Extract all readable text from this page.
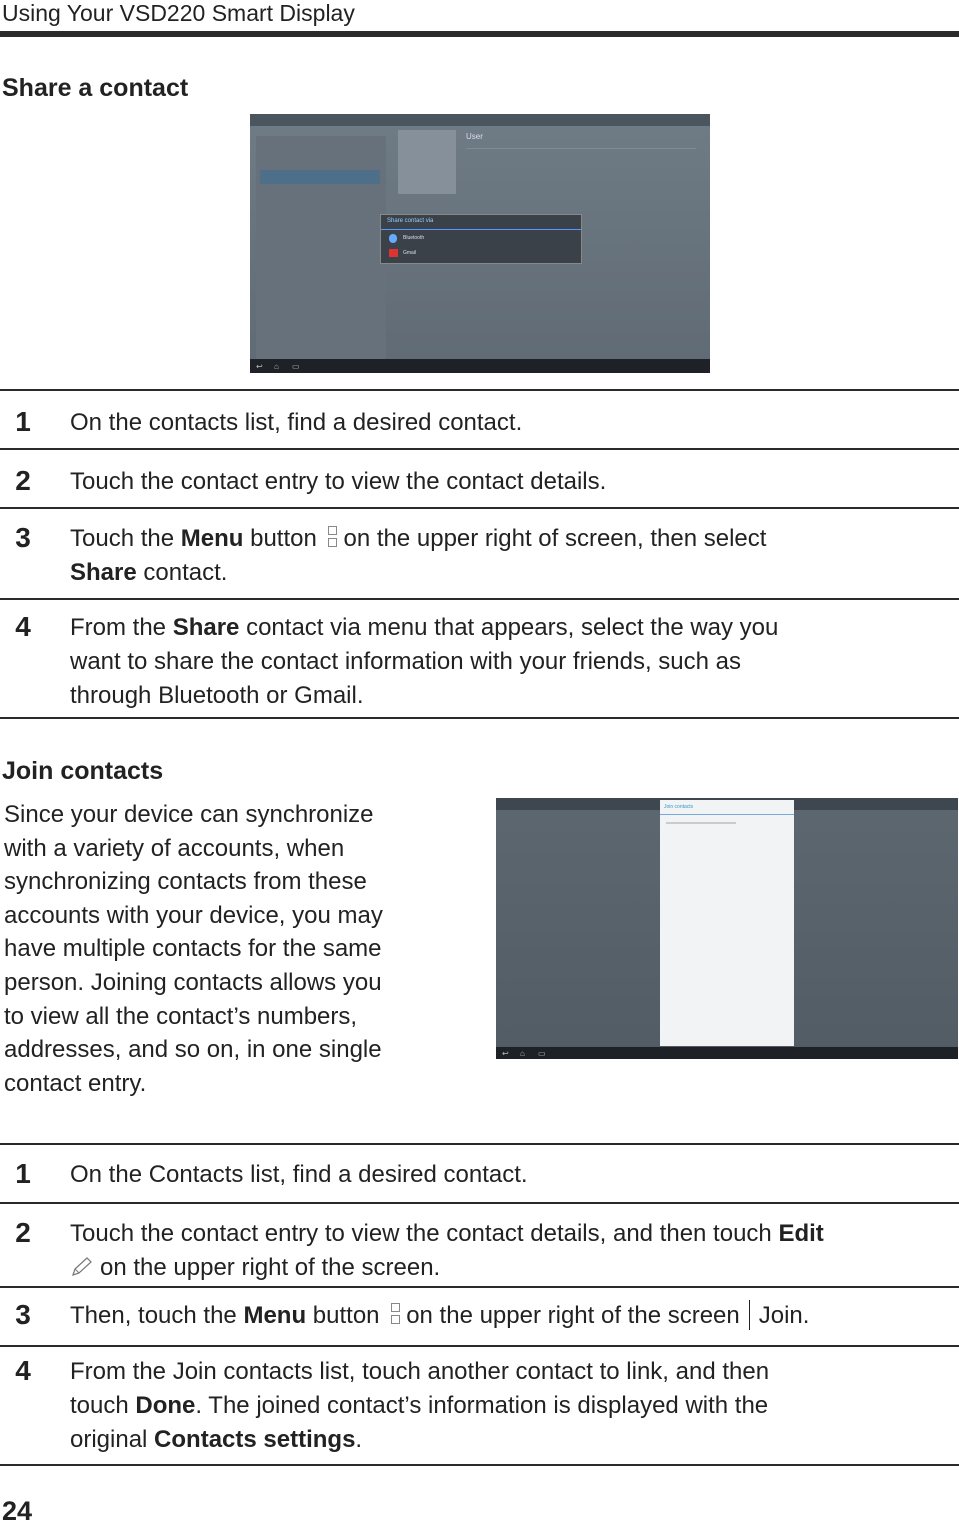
Using Your VSD220 Smart Display
Share a contact
User
Share contact via
Bluetooth
Gmail
↩ ⌂ ▭
1	On the contacts list, find a desired contact.
2	Touch the contact entry to view the contact details.
3	Touch the Menu button
on the upper right of screen, then select
Share contact.
4	From the Share contact via menu that appears, select the way you
want to share the contact information with your friends, such as
through Bluetooth or Gmail.
Join contacts
Since your device can synchronize
with a variety of accounts, when
synchronizing contacts from these
accounts with your device, you may
have multiple contacts for the same
person. Joining contacts allows you
to view all the contact’s numbers,
addresses, and so on, in one single
contact entry.
Join contacts
↩ ⌂ ▭
1	On the Contacts list, find a desired contact.
2	Touch the contact entry to view the contact details, and then touch Edit
on the upper right of the screen.
3	Then, touch the Menu button
on the upper right of the screen Join.
4	From the Join contacts list, touch another contact to link, and then
touch Done. The joined contact’s information is displayed with the
original Contacts settings.
24
